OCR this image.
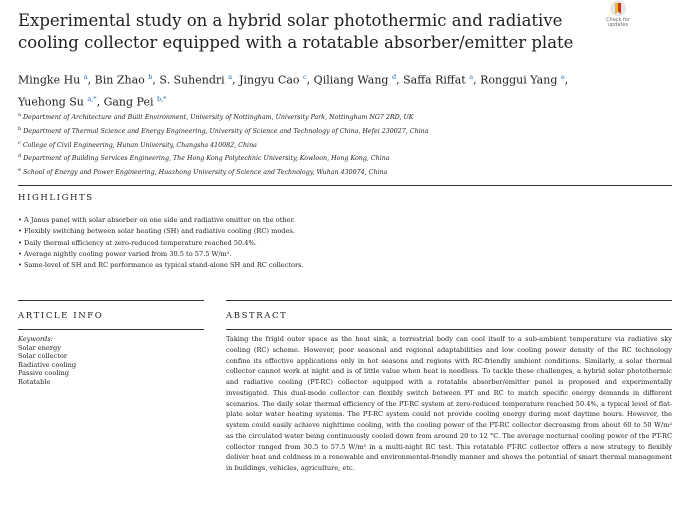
Experimental study on a hybrid solar photothermic and radiative cooling collector equipped with a rotatable absorber/emitter plate
Check for updates
Mingke Hu $^a$, Bin Zhao $^b$, S. Suhendri $^a$, Jingyu Cao $^c$, Qiliang Wang $^d$, Saffa Riffat $^a$, Ronggui Yang $^e$, Yuehong Su $^{a,*}$, Gang Pei $^{b,*}$
$^a$ Department of Architecture and Built Environment, University of Nottingham, University Park, Nottingham NG7 2RD, UK
$^b$ Department of Thermal Science and Energy Engineering, University of Science and Technology of China, Hefei 230027, China
$^c$ College of Civil Engineering, Hunan University, Changsha 410082, China
$^d$ Department of Building Services Engineering, The Hong Kong Polytechnic University, Kowloon, Hong Kong, China
$^e$ School of Energy and Power Engineering, Huazhong University of Science and Technology, Wuhan 430074, China
HIGHLIGHTS
• A Janus panel with solar absorber on one side and radiative emitter on the other.
• Flexibly switching between solar heating (SH) and radiative cooling (RC) modes.
• Daily thermal efficiency at zero-reduced temperature reached 50.4%.
• Average nightly cooling power varied from 30.5 to 57.5 W/m².
• Same-level of SH and RC performance as typical stand-alone SH and RC collectors.
ARTICLE INFO	ABSTRACT
Keywords:
Solar energy
Solar collector
Radiative cooling
Passive cooling
Rotatable

Taking the frigid outer space as the heat sink, a terrestrial body can cool itself to a sub-ambient temperature via radiative sky cooling (RC) scheme. However, poor seasonal and regional adaptabilities and low cooling power density of the RC technology confine its effective applications only in hot seasons and regions with RC-friendly ambient conditions. Similarly, a solar thermal collector cannot work at night and is of little value when heat is needless. To tackle these challenges, a hybrid solar photothermic and radiative cooling (PT-RC) collector equipped with a rotatable absorber/emitter panel is proposed and experimentally investigated. This dual-mode collector can flexibly switch between PT and RC to match specific energy demands in different scenarios. The daily solar thermal efficiency of the PT-RC system at zero-reduced temperature reached 50.4%, a typical level of flat-plate solar water heating systems. The PT-RC system could not provide cooling energy during most daytime hours. However, the system could easily achieve nighttime cooling, with the cooling power of the PT-RC collector decreasing from about 60 to 50 W/m² as the circulated water being continuously cooled down from around 20 to 12 °C. The average nocturnal cooling power of the PT-RC collector ranged from 30.5 to 57.5 W/m² in a multi-night RC test. This rotatable PT-RC collector offers a new strategy to flexibly deliver heat and coldness in a renewable and environmental-friendly manner and shows the potential of smart thermal management in buildings, vehicles, agriculture, etc.
